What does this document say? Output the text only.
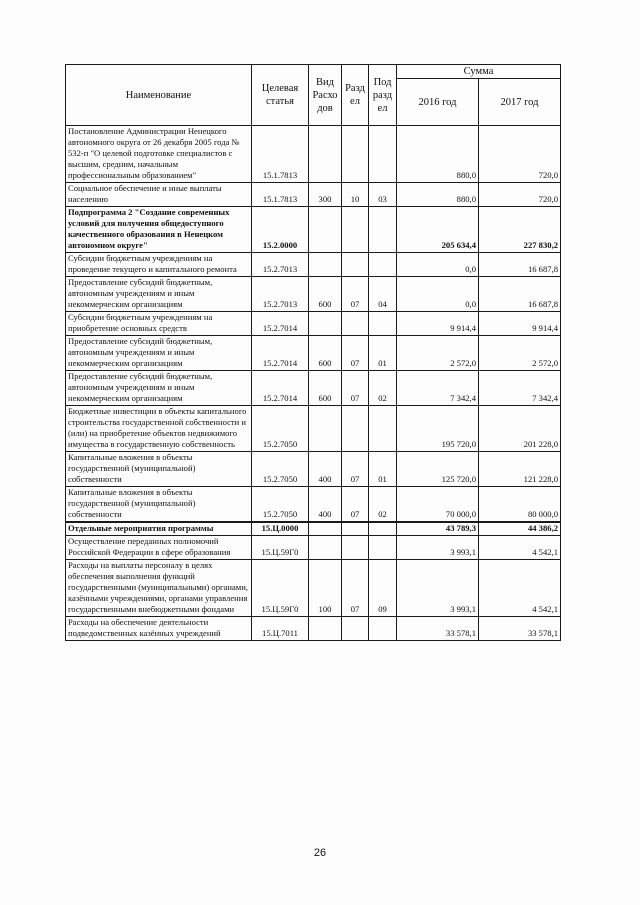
Наименование	Целевая статья	Вид Расхо дов	Разд ел	Под разд ел	Сумма	
					2016 год	2017 год
Постановление Администрации Ненецкого автономного округа от 26 декабря 2005 года № 532-п "О целевой подготовке специалистов с высшим, средним, начальным профессиональным образованием"	15.1.7813				880,0	720,0
Социальное обеспечение и иные выплаты населению	15.1.7813	300	10	03	880,0	720,0
Подпрограмма 2 "Создание современных условий для получения общедоступного качественного образования в Ненецком автономном округе"	15.2.0000				205 634,4	227 830,2
Субсидии бюджетным учреждениям на проведение текущего и капитального ремонта	15.2.7013				0,0	16 687,8
Предоставление субсидий бюджетным, автономным учреждениям и иным некоммерческим организациям	15.2.7013	600	07	04	0,0	16 687,8
Субсидии бюджетным учреждениям на приобретение основных средств	15.2.7014				9 914,4	9 914,4
Предоставление субсидий бюджетным, автономным учреждениям и иным некоммерческим организациям	15.2.7014	600	07	01	2 572,0	2 572,0
Предоставление субсидий бюджетным, автономным учреждениям и иным некоммерческим организациям	15.2.7014	600	07	02	7 342,4	7 342,4
Бюджетные инвестиции в объекты капитального строительства государственной собственности и (или) на приобретение объектов недвижимого имущества в государственную собственность	15.2.7050				195 720,0	201 228,0
Капитальные вложения в объекты государственной (муниципальной) собственности	15.2.7050	400	07	01	125 720,0	121 228,0
Капитальные вложения в объекты государственной (муниципальной) собственности	15.2.7050	400	07	02	70 000,0	80 000,0
Отдельные мероприятия программы	15.Ц.0000				43 789,3	44 386,2
Осуществление переданных полномочий Российской Федерации в сфере образования	15.Ц.59Г0				3 993,1	4 542,1
Расходы на выплаты персоналу в целях обеспечения выполнения функций государственными (муниципальными) органами, казёнными учреждениями, органами управления государственными внебюджетными фондами	15.Ц.59Г0	100	07	09	3 993,1	4 542,1
Расходы на обеспечение деятельности подведомственных казённых учреждений	15.Ц.7011				33 578,1	33 578,1
26
